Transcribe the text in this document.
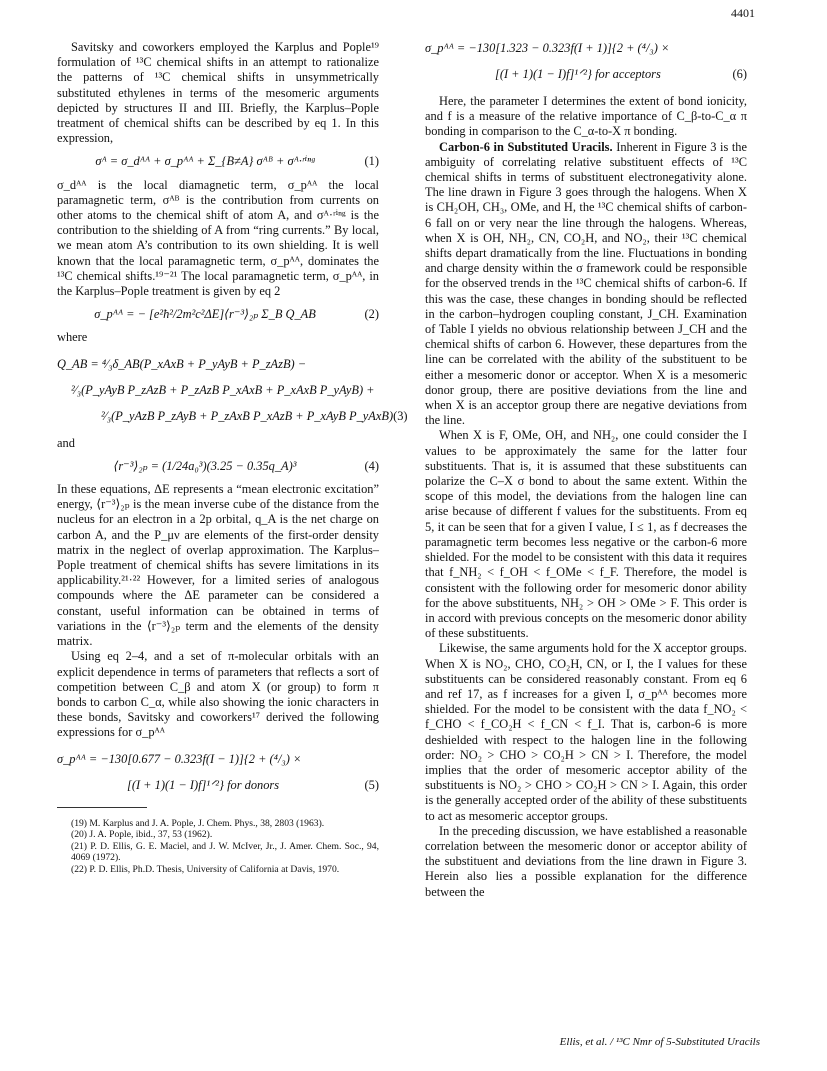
4401

Savitsky and coworkers employed the Karplus and Pople¹⁹ formulation of ¹³C chemical shifts in an attempt to rationalize the patterns of ¹³C chemical shifts in unsymmetrically substituted ethylenes in terms of the mesomeric arguments depicted by structures II and III. Briefly, the Karplus–Pople treatment of chemical shifts can be described by eq 1. In this expression,

σᴬ = σ_dᴬᴬ + σ_pᴬᴬ + Σ_{B≠A} σᴬᴮ + σᴬ·ʳⁱⁿᵍ	(1)

σ_dᴬᴬ is the local diamagnetic term, σ_pᴬᴬ the local paramagnetic term, σᴬᴮ is the contribution from currents on other atoms to the chemical shift of atom A, and σᴬ·ʳⁱⁿᵍ is the contribution to the shielding of A from “ring currents.” By local, we mean atom A’s contribution to its own shielding. It is well known that the local paramagnetic term, σ_pᴬᴬ, dominates the ¹³C chemical shifts.¹⁹⁻²¹ The local paramagnetic term, σ_pᴬᴬ, in the Karplus–Pople treatment is given by eq 2

σ_pᴬᴬ = − [e²ħ²/2m²c²ΔE]⟨r⁻³⟩₂ₚ Σ_B Q_AB	(2)

where

Q_AB = ⁴⁄₃δ_AB(P_xAxB + P_yAyB + P_zAzB) −
²⁄₃(P_yAyB P_zAzB + P_zAzB P_xAxB + P_xAxB P_yAyB) +
²⁄₃(P_yAzB P_zAyB + P_zAxB P_xAzB + P_xAyB P_yAxB) (3)

and

⟨r⁻³⟩₂ₚ = (1/24a₀³)(3.25 − 0.35q_A)³	(4)

In these equations, ΔE represents a “mean electronic excitation” energy, ⟨r⁻³⟩₂ₚ is the mean inverse cube of the distance from the nucleus for an electron in a 2p orbital, q_A is the net charge on carbon A, and the P_μν are elements of the first-order density matrix in the neglect of overlap approximation. The Karplus–Pople treatment of chemical shifts has severe limitations in its applicability.²¹·²² However, for a limited series of analogous compounds where the ΔE parameter can be considered a constant, useful information can be obtained in terms of variations in the ⟨r⁻³⟩₂ₚ term and the elements of the density matrix.

Using eq 2–4, and a set of π-molecular orbitals with an explicit dependence in terms of parameters that reflects a sort of competition between C_β and atom X (or group) to form π bonds to carbon C_α, while also showing the ionic characters in these bonds, Savitsky and coworkers¹⁷ derived the following expressions for σ_pᴬᴬ

σ_pᴬᴬ = −130[0.677 − 0.323f(I − 1)]{2 + (⁴/₃) ×
[(I + 1)(1 − I)f]¹ᐟ²} for donors	(5)
(19) M. Karplus and J. A. Pople, J. Chem. Phys., 38, 2803 (1963).
(20) J. A. Pople, ibid., 37, 53 (1962).
(21) P. D. Ellis, G. E. Maciel, and J. W. McIver, Jr., J. Amer. Chem. Soc., 94, 4069 (1972).
(22) P. D. Ellis, Ph.D. Thesis, University of California at Davis, 1970.
σ_pᴬᴬ = −130[1.323 − 0.323f(I + 1)]{2 + (⁴/₃) ×
[(I + 1)(1 − I)f]¹ᐟ²} for acceptors	(6)

Here, the parameter I determines the extent of bond ionicity, and f is a measure of the relative importance of C_β-to-C_α π bonding in comparison to the C_α-to-X π bonding.

Carbon-6 in Substituted Uracils. Inherent in Figure 3 is the ambiguity of correlating relative substituent effects of ¹³C chemical shifts in terms of substituent electronegativity alone. The line drawn in Figure 3 goes through the halogens. When X is CH₂OH, CH₃, OMe, and H, the ¹³C chemical shifts of carbon-6 fall on or very near the line through the halogens. Whereas, when X is OH, NH₂, CN, CO₂H, and NO₂, their ¹³C chemical shifts depart dramatically from the line. Fluctuations in bonding and charge density within the σ framework could be responsible for the observed trends in the ¹³C chemical shifts of carbon-6. If this was the case, these changes in bonding should be reflected in the carbon–hydrogen coupling constant, J_CH. Examination of Table I yields no obvious relationship between J_CH and the chemical shifts of carbon 6. However, these departures from the line can be correlated with the ability of the substituent to be either a mesomeric donor or acceptor. When X is a mesomeric donor group, there are positive deviations from the line and when X is an acceptor group there are negative deviations from the line.

When X is F, OMe, OH, and NH₂, one could consider the I values to be approximately the same for the latter four substituents. That is, it is assumed that these substituents can polarize the C–X σ bond to about the same extent. Within the scope of this model, the deviations from the halogen line can arise because of different f values for the substituents. From eq 5, it can be seen that for a given I value, I ≤ 1, as f decreases the paramagnetic term becomes less negative or the carbon-6 more shielded. For the model to be consistent with this data it requires that f_NH₂ < f_OH < f_OMe < f_F. Therefore, the model is consistent with the following order for mesomeric donor ability for the above substituents, NH₂ > OH > OMe > F. This order is in accord with previous concepts on the mesomeric donor ability of these substituents.

Likewise, the same arguments hold for the X acceptor groups. When X is NO₂, CHO, CO₂H, CN, or I, the I values for these substituents can be considered reasonably constant. From eq 6 and ref 17, as f increases for a given I, σ_pᴬᴬ becomes more shielded. For the model to be consistent with the data f_NO₂ < f_CHO < f_CO₂H < f_CN < f_I. That is, carbon-6 is more deshielded with respect to the halogen line in the following order: NO₂ > CHO > CO₂H > CN > I. Therefore, the model implies that the order of mesomeric acceptor ability of the substituents is NO₂ > CHO > CO₂H > CN > I. Again, this order is the generally accepted order of the ability of these substituents to act as mesomeric acceptor groups.

In the preceding discussion, we have established a reasonable correlation between the mesomeric donor or acceptor ability of the substituent and deviations from the line drawn in Figure 3. Herein also lies a possible explanation for the difference between the

Ellis, et al. / ¹³C Nmr of 5-Substituted Uracils
